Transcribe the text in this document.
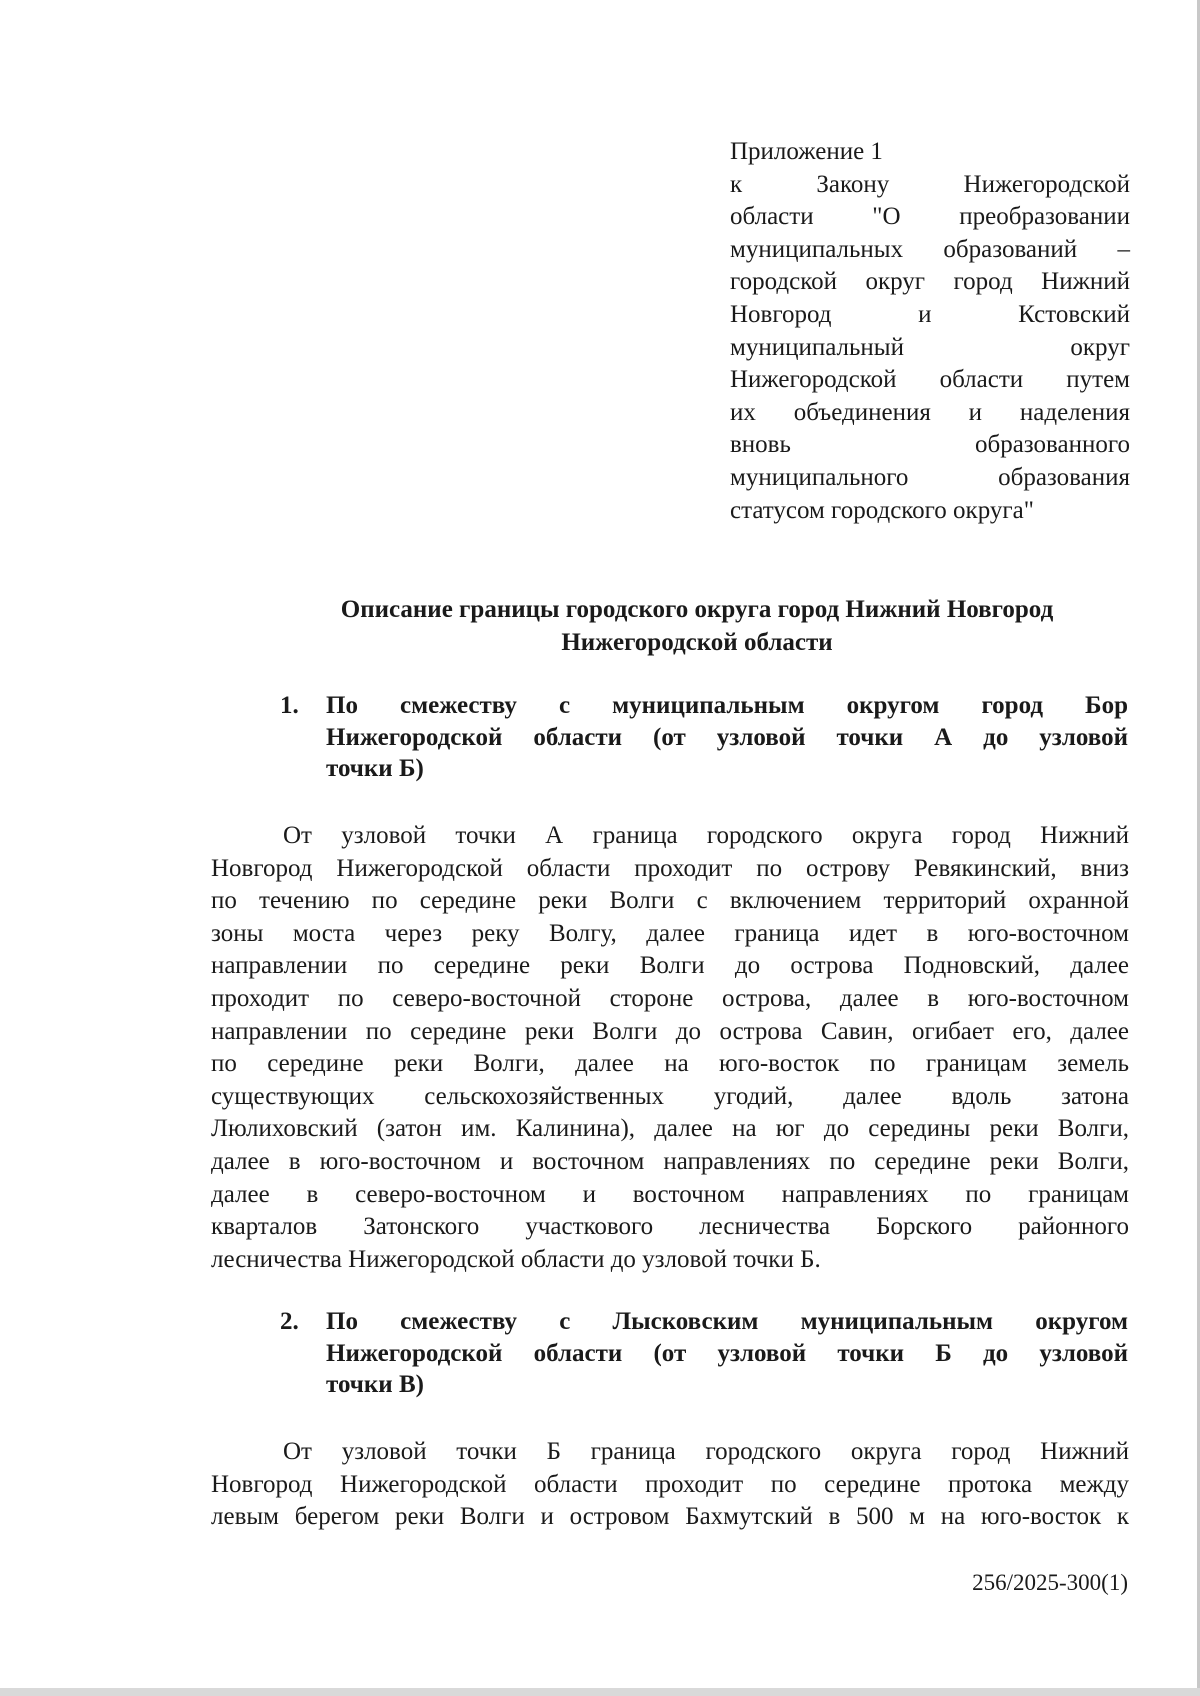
Приложение 1
к Закону Нижегородской
области "О преобразовании
муниципальных образований –
городской округ город Нижний
Новгород и Кстовский
муниципальный округ
Нижегородской области путем
их объединения и наделения
вновь образованного
муниципального образования
статусом городского округа"
Описание границы городского округа город Нижний Новгород
Нижегородской области
1. По смежеству с муниципальным округом город Бор
Нижегородской области (от узловой точки А до узловой
точки Б)
От узловой точки А граница городского округа город Нижний
Новгород Нижегородской области проходит по острову Ревякинский, вниз
по течению по середине реки Волги с включением территорий охранной
зоны моста через реку Волгу, далее граница идет в юго-восточном
направлении по середине реки Волги до острова Подновский, далее
проходит по северо-восточной стороне острова, далее в юго-восточном
направлении по середине реки Волги до острова Савин, огибает его, далее
по середине реки Волги, далее на юго-восток по границам земель
существующих сельскохозяйственных угодий, далее вдоль затона
Люлиховский (затон им. Калинина), далее на юг до середины реки Волги,
далее в юго-восточном и восточном направлениях по середине реки Волги,
далее в северо-восточном и восточном направлениях по границам
кварталов Затонского участкового лесничества Борского районного
лесничества Нижегородской области до узловой точки Б.
2. По смежеству с Лысковским муниципальным округом
Нижегородской области (от узловой точки Б до узловой
точки В)
От узловой точки Б граница городского округа город Нижний
Новгород Нижегородской области проходит по середине протока между
левым берегом реки Волги и островом Бахмутский в 500 м на юго-восток к
256/2025-300(1)
